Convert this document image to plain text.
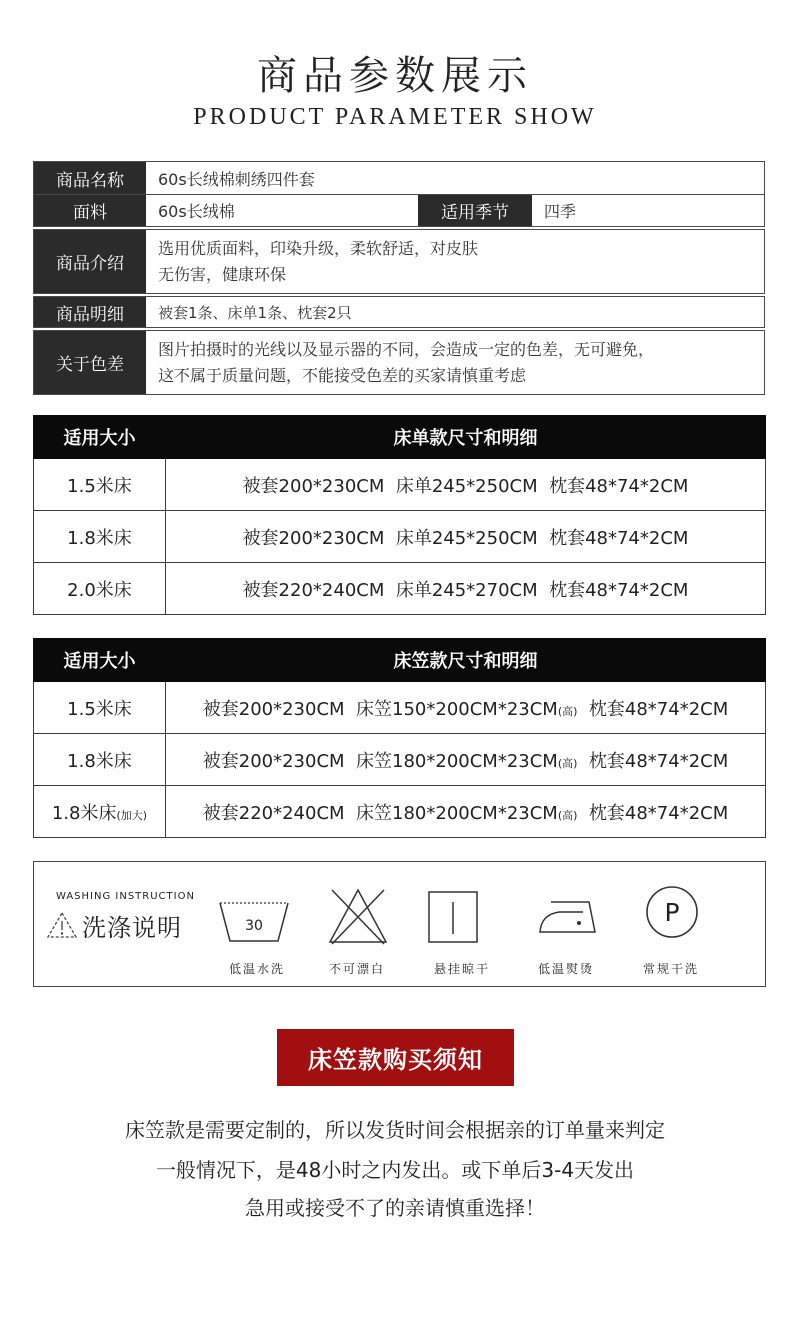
商品参数展示
PRODUCT PARAMETER SHOW
商品名称	60s长绒棉刺绣四件套
面料	60s长绒棉	适用季节	四季
商品介绍
选用优质面料，印染升级，柔软舒适，对皮肤
无伤害，健康环保
商品明细	被套1条、床单1条、枕套2只
关于色差
图片拍摄时的光线以及显示器的不同，会造成一定的色差，无可避免，
这不属于质量问题，不能接受色差的买家请慎重考虑
适用大小	床单款尺寸和明细
1.5米床	被套200*230CM  床单245*250CM  枕套48*74*2CM
1.8米床	被套200*230CM  床单245*250CM  枕套48*74*2CM
2.0米床	被套220*240CM  床单245*270CM  枕套48*74*2CM
适用大小	床笠款尺寸和明细
1.5米床	被套200*230CM 床笠150*200CM*23CM(高) 枕套48*74*2CM
1.8米床	被套200*230CM 床笠180*200CM*23CM(高) 枕套48*74*2CM
1.8米床(加大)	被套220*240CM 床笠180*200CM*23CM(高) 枕套48*74*2CM
WASHING INSTRUCTION
洗涤说明	30	P
低温水洗	不可漂白	悬挂晾干	低温熨烫	常规干洗
床笠款购买须知
床笠款是需要定制的，所以发货时间会根据亲的订单量来判定
一般情况下，是48小时之内发出。或下单后3-4天发出
急用或接受不了的亲请慎重选择！
